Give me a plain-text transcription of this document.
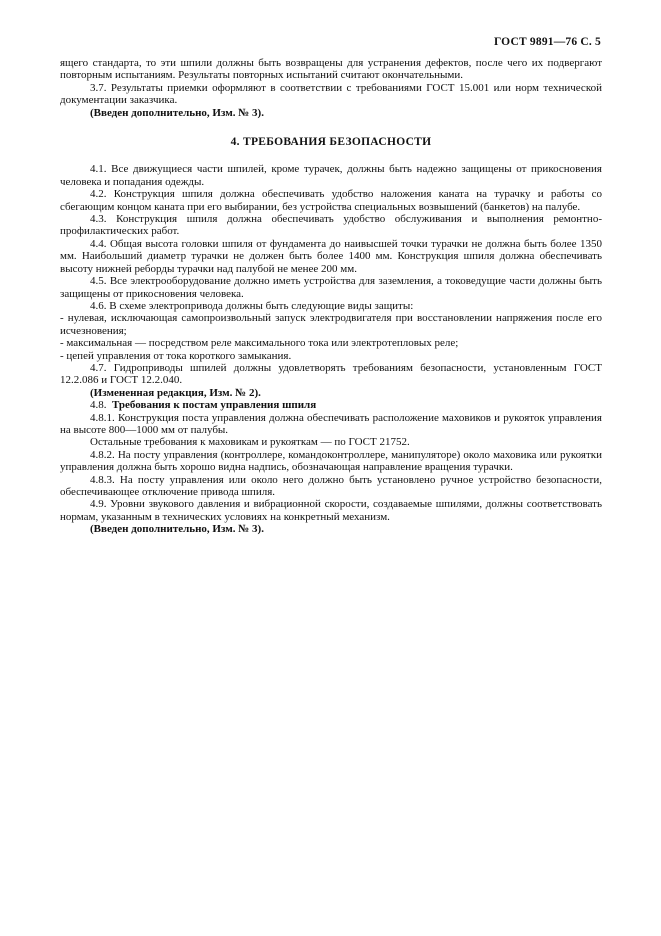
ГОСТ 9891—76 С. 5

ящего стандарта, то эти шпили должны быть возвращены для устранения дефектов, после чего их подвергают повторным испытаниям. Результаты повторных испытаний считают окончательными.

3.7. Результаты приемки оформляют в соответствии с требованиями ГОСТ 15.001 или норм технической документации заказчика.

(Введен дополнительно, Изм. № 3).

4. ТРЕБОВАНИЯ БЕЗОПАСНОСТИ

4.1. Все движущиеся части шпилей, кроме турачек, должны быть надежно защищены от прикосновения человека и попадания одежды.

4.2. Конструкция шпиля должна обеспечивать удобство наложения каната на турачку и работы со сбегающим концом каната при его выбирании, без устройства специальных возвышений (банкетов) на палубе.

4.3. Конструкция шпиля должна обеспечивать удобство обслуживания и выполнения ремонтно-профилактических работ.

4.4. Общая высота головки шпиля от фундамента до наивысшей точки турачки не должна быть более 1350 мм. Наибольший диаметр турачки не должен быть более 1400 мм. Конструкция шпиля должна обеспечивать высоту нижней реборды турачки над палубой не менее 200 мм.

4.5. Все электрооборудование должно иметь устройства для заземления, а токоведущие части должны быть защищены от прикосновения человека.

4.6. В схеме электропривода должны быть следующие виды защиты:

- нулевая, исключающая самопроизвольный запуск электродвигателя при восстановлении напряжения после его исчезновения;

- максимальная — посредством реле максимального тока или электротепловых реле;

- цепей управления от тока короткого замыкания.

4.7. Гидроприводы шпилей должны удовлетворять требованиям безопасности, установленным ГОСТ 12.2.086 и ГОСТ 12.2.040.

(Измененная редакция, Изм. № 2).

4.8. Требования к постам управления шпиля

4.8.1. Конструкция поста управления должна обеспечивать расположение маховиков и рукояток управления на высоте 800—1000 мм от палубы.

Остальные требования к маховикам и рукояткам — по ГОСТ 21752.

4.8.2. На посту управления (контроллере, командоконтроллере, манипуляторе) около маховика или рукоятки управления должна быть хорошо видна надпись, обозначающая направление вращения турачки.

4.8.3. На посту управления или около него должно быть установлено ручное устройство безопасности, обеспечивающее отключение привода шпиля.

4.9. Уровни звукового давления и вибрационной скорости, создаваемые шпилями, должны соответствовать нормам, указанным в технических условиях на конкретный механизм.

(Введен дополнительно, Изм. № 3).
